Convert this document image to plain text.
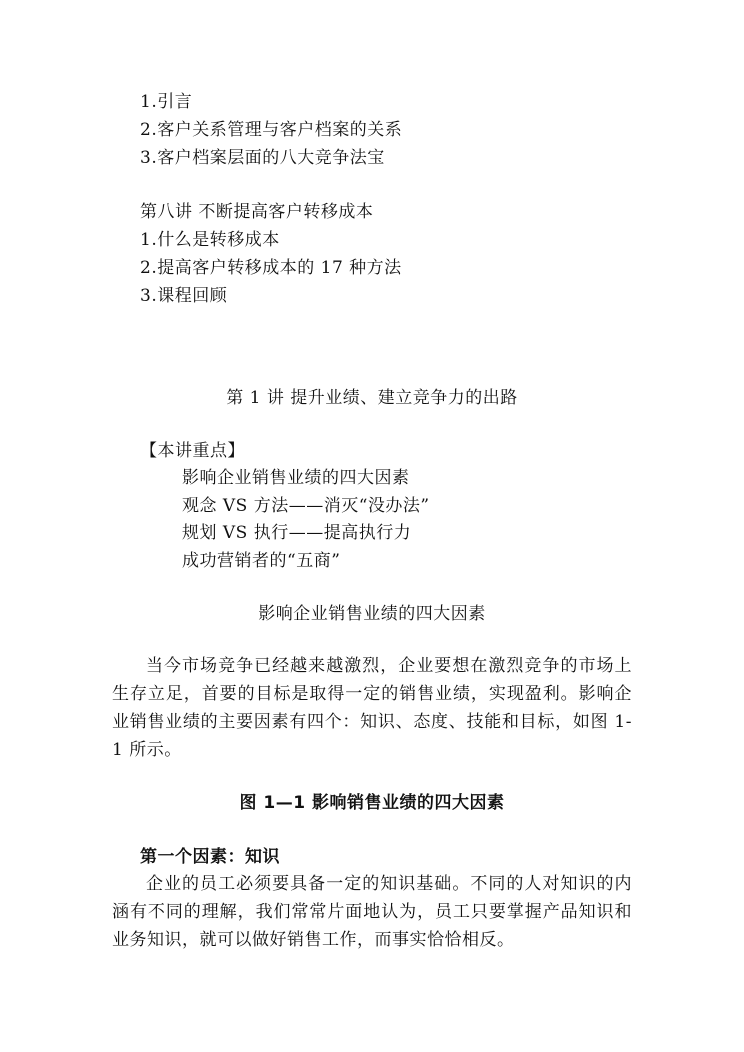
1.引言
2.客户关系管理与客户档案的关系
3.客户档案层面的八大竞争法宝
第八讲 不断提高客户转移成本
1.什么是转移成本
2.提高客户转移成本的 17 种方法
3.课程回顾
第 1 讲 提升业绩、建立竞争力的出路
【本讲重点】
影响企业销售业绩的四大因素
观念 VS 方法——消灭“没办法”
规划 VS 执行——提高执行力
成功营销者的“五商”
影响企业销售业绩的四大因素
当今市场竞争已经越来越激烈，企业要想在激烈竞争的市场上生存立足，首要的目标是取得一定的销售业绩，实现盈利。影响企业销售业绩的主要因素有四个：知识、态度、技能和目标，如图 1-1 所示。
图 1—1 影响销售业绩的四大因素
第一个因素：知识
企业的员工必须要具备一定的知识基础。不同的人对知识的内涵有不同的理解，我们常常片面地认为，员工只要掌握产品知识和业务知识，就可以做好销售工作，而事实恰恰相反。
